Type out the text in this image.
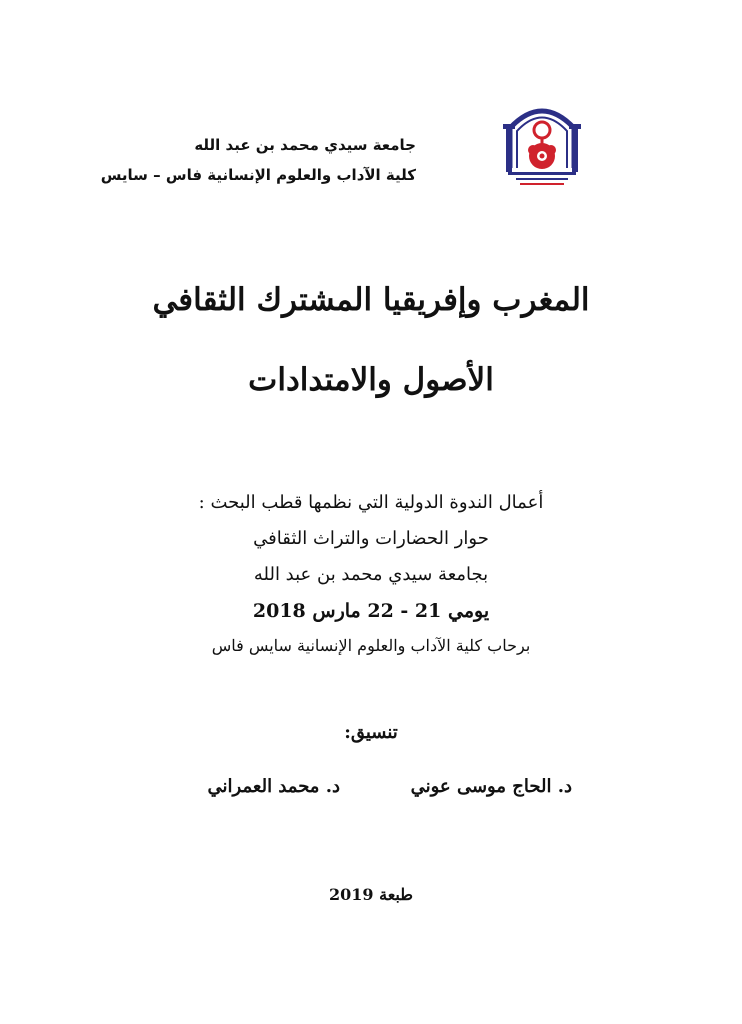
جامعة سيدي محمد بن عبد الله
كلية الآداب والعلوم الإنسانية فاس – سايس
المغرب وإفريقيا المشترك الثقافي
الأصول والامتدادات
أعمال الندوة الدولية التي نظمها قطب البحث :
حوار الحضارات والتراث الثقافي
بجامعة سيدي محمد بن عبد الله
يومي 21 - 22 مارس 2018
برحاب كلية الآداب والعلوم الإنسانية سايس فاس
تنسيق:
د. الحاج موسى عوني
د. محمد العمراني
طبعة 2019
